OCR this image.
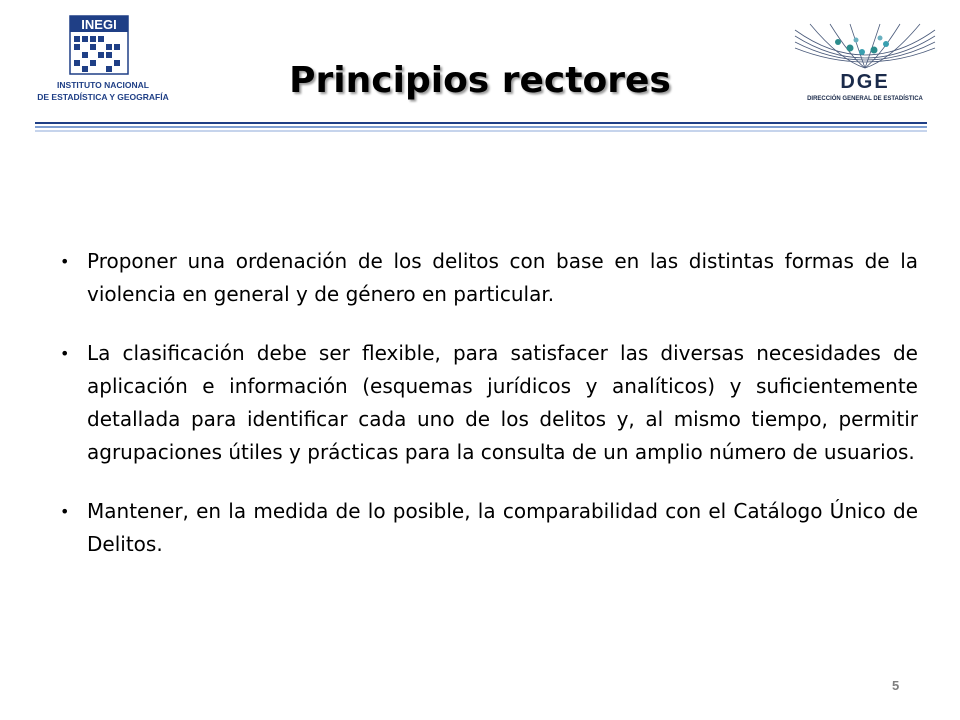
INEGI
INSTITUTO NACIONAL
DE ESTADÍSTICA Y GEOGRAFÍA
DGE
DIRECCIÓN GENERAL DE ESTADÍSTICA
Principios rectores
• Proponer una ordenación de los delitos con base en las distintas formas de la violencia en general y de género en particular.
• La clasificación debe ser flexible, para satisfacer las diversas necesidades de aplicación e información (esquemas jurídicos y analíticos) y suficientemente detallada para identificar cada uno de los delitos y, al mismo tiempo, permitir agrupaciones útiles y prácticas para la consulta de un amplio número de usuarios.
• Mantener, en la medida de lo posible, la comparabilidad con el Catálogo Único de Delitos.
5
